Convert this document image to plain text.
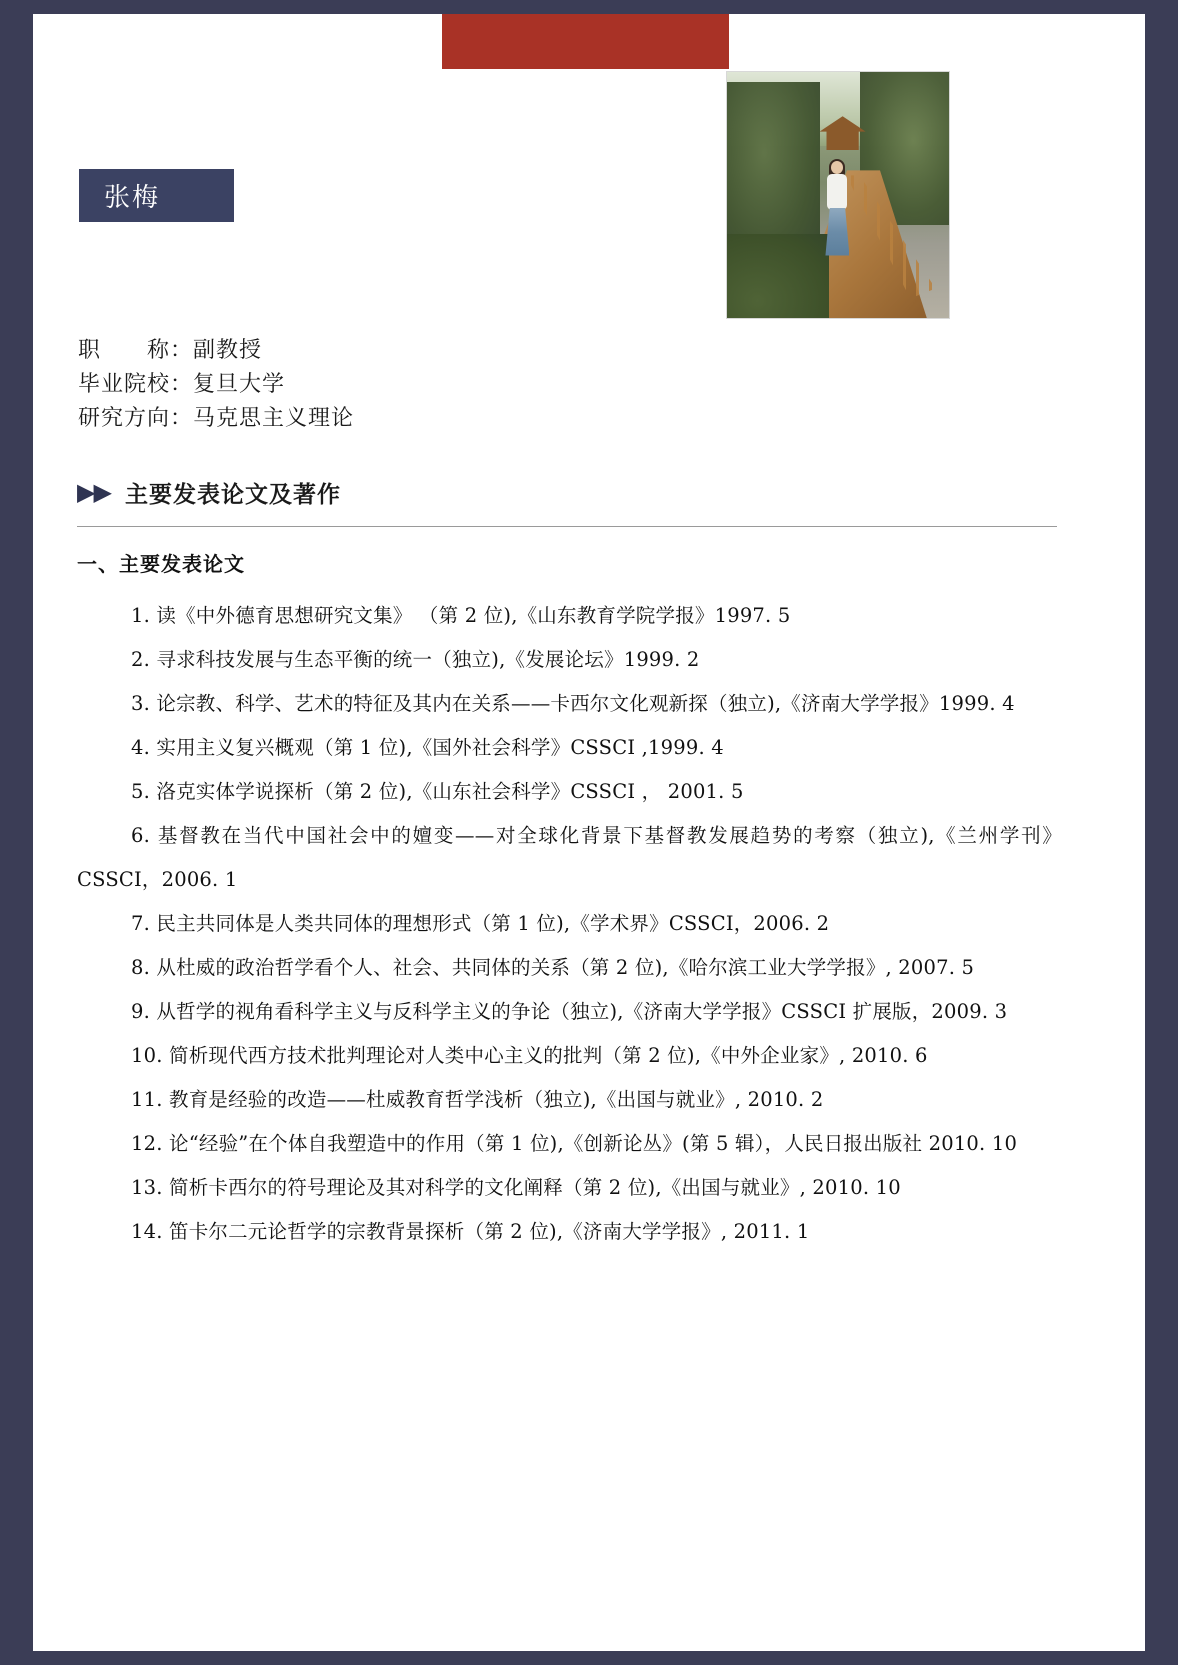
张梅
职　　称：副教授
毕业院校：复旦大学
研究方向：马克思主义理论
▶▶ 主要发表论文及著作
一、主要发表论文

1. 读《中外德育思想研究文集》 （第 2 位),《山东教育学院学报》1997. 5

2. 寻求科技发展与生态平衡的统一（独立),《发展论坛》1999. 2

3. 论宗教、科学、艺术的特征及其内在关系——卡西尔文化观新探（独立),《济南大学学报》1999. 4

4. 实用主义复兴概观（第 1 位),《国外社会科学》CSSCI ,1999. 4

5. 洛克实体学说探析（第 2 位),《山东社会科学》CSSCI ， 2001. 5

6. 基督教在当代中国社会中的嬗变——对全球化背景下基督教发展趋势的考察（独立),《兰州学刊》CSSCI，2006. 1

7. 民主共同体是人类共同体的理想形式（第 1 位),《学术界》CSSCI，2006. 2

8. 从杜威的政治哲学看个人、社会、共同体的关系（第 2 位),《哈尔滨工业大学学报》, 2007. 5

9. 从哲学的视角看科学主义与反科学主义的争论（独立),《济南大学学报》CSSCI 扩展版，2009. 3

10. 简析现代西方技术批判理论对人类中心主义的批判（第 2 位),《中外企业家》, 2010. 6

11. 教育是经验的改造——杜威教育哲学浅析（独立),《出国与就业》, 2010. 2

12. 论“经验”在个体自我塑造中的作用（第 1 位),《创新论丛》(第 5 辑），人民日报出版社 2010. 10

13. 简析卡西尔的符号理论及其对科学的文化阐释（第 2 位),《出国与就业》, 2010. 10

14. 笛卡尔二元论哲学的宗教背景探析（第 2 位),《济南大学学报》, 2011. 1
